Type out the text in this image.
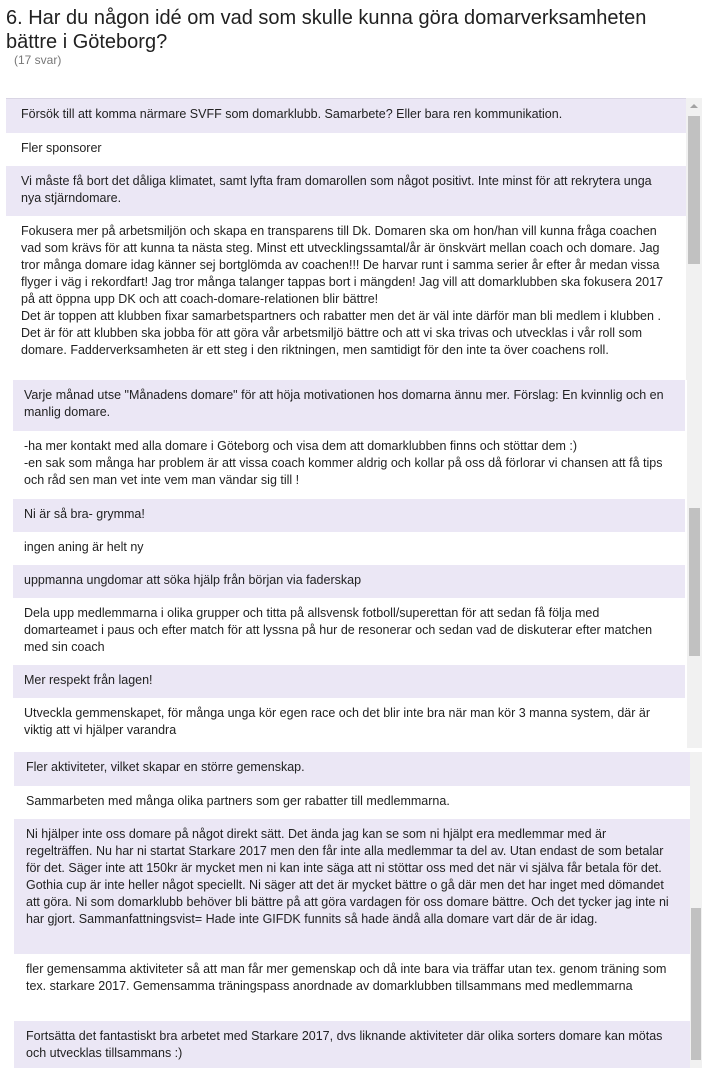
6. Har du någon idé om vad som skulle kunna göra domarverksamheten bättre i Göteborg?
(17 svar)
Försök till att komma närmare SVFF som domarklubb. Samarbete? Eller bara ren kommunikation.
Fler sponsorer
Vi måste få bort det dåliga klimatet, samt lyfta fram domarollen som något positivt. Inte minst för att rekrytera unga nya stjärndomare.
Fokusera mer på arbetsmiljön och skapa en transparens till Dk. Domaren ska om hon/han vill kunna fråga coachen vad som krävs för att kunna ta nästa steg. Minst ett utvecklingssamtal/år är önskvärt mellan coach och domare. Jag tror många domare idag känner sej bortglömda av coachen!!! De harvar runt i samma serier år efter år medan vissa flyger i väg i rekordfart! Jag tror många talanger tappas bort i mängden! Jag vill att domarklubben ska fokusera 2017 på att öppna upp DK och att coach-domare-relationen blir bättre!
Det är toppen att klubben fixar samarbetspartners och rabatter men det är väl inte därför man bli medlem i klubben . Det är för att klubben ska jobba för att göra vår arbetsmiljö bättre och att vi ska trivas och utvecklas i vår roll som domare. Fadderverksamheten är ett steg i den riktningen, men samtidigt för den inte ta över coachens roll.
Varje månad utse "Månadens domare" för att höja motivationen hos domarna ännu mer. Förslag: En kvinnlig och en manlig domare.
-ha mer kontakt med alla domare i Göteborg och visa dem att domarklubben finns och stöttar dem :)
-en sak som många har problem är att vissa coach kommer aldrig och kollar på oss då förlorar vi chansen att få tips och råd sen man vet inte vem man vändar sig till !
Ni är så bra- grymma!
ingen aning är helt ny
uppmanna ungdomar att söka hjälp från början via faderskap
Dela upp medlemmarna i olika grupper och titta på allsvensk fotboll/superettan för att sedan få följa med domarteamet i paus och efter match för att lyssna på hur de resonerar och sedan vad de diskuterar efter matchen med sin coach
Mer respekt från lagen!
Utveckla gemmenskapet, för många unga kör egen race och det blir inte bra när man kör 3 manna system, där är viktig att vi hjälper varandra
Fler aktiviteter, vilket skapar en större gemenskap.
Sammarbeten med många olika partners som ger rabatter till medlemmarna.
Ni hjälper inte oss domare på något direkt sätt. Det ända jag kan se som ni hjälpt era medlemmar med är regelträffen. Nu har ni startat Starkare 2017 men den får inte alla medlemmar ta del av. Utan endast de som betalar för det. Säger inte att 150kr är mycket men ni kan inte säga att ni stöttar oss med det när vi själva får betala för det. Gothia cup är inte heller något speciellt. Ni säger att det är mycket bättre o gå där men det har inget med dömandet att göra. Ni som domarklubb behöver bli bättre på att göra vardagen för oss domare bättre. Och det tycker jag inte ni har gjort. Sammanfattningsvist= Hade inte GIFDK funnits så hade ändå alla domare vart där de är idag.
fler gemensamma aktiviteter så att man får mer gemenskap och då inte bara via träffar utan tex. genom träning som tex. starkare 2017. Gemensamma träningspass anordnade av domarklubben tillsammans med medlemmarna
Fortsätta det fantastiskt bra arbetet med Starkare 2017, dvs liknande aktiviteter där olika sorters domare kan mötas och utvecklas tillsammans :)
